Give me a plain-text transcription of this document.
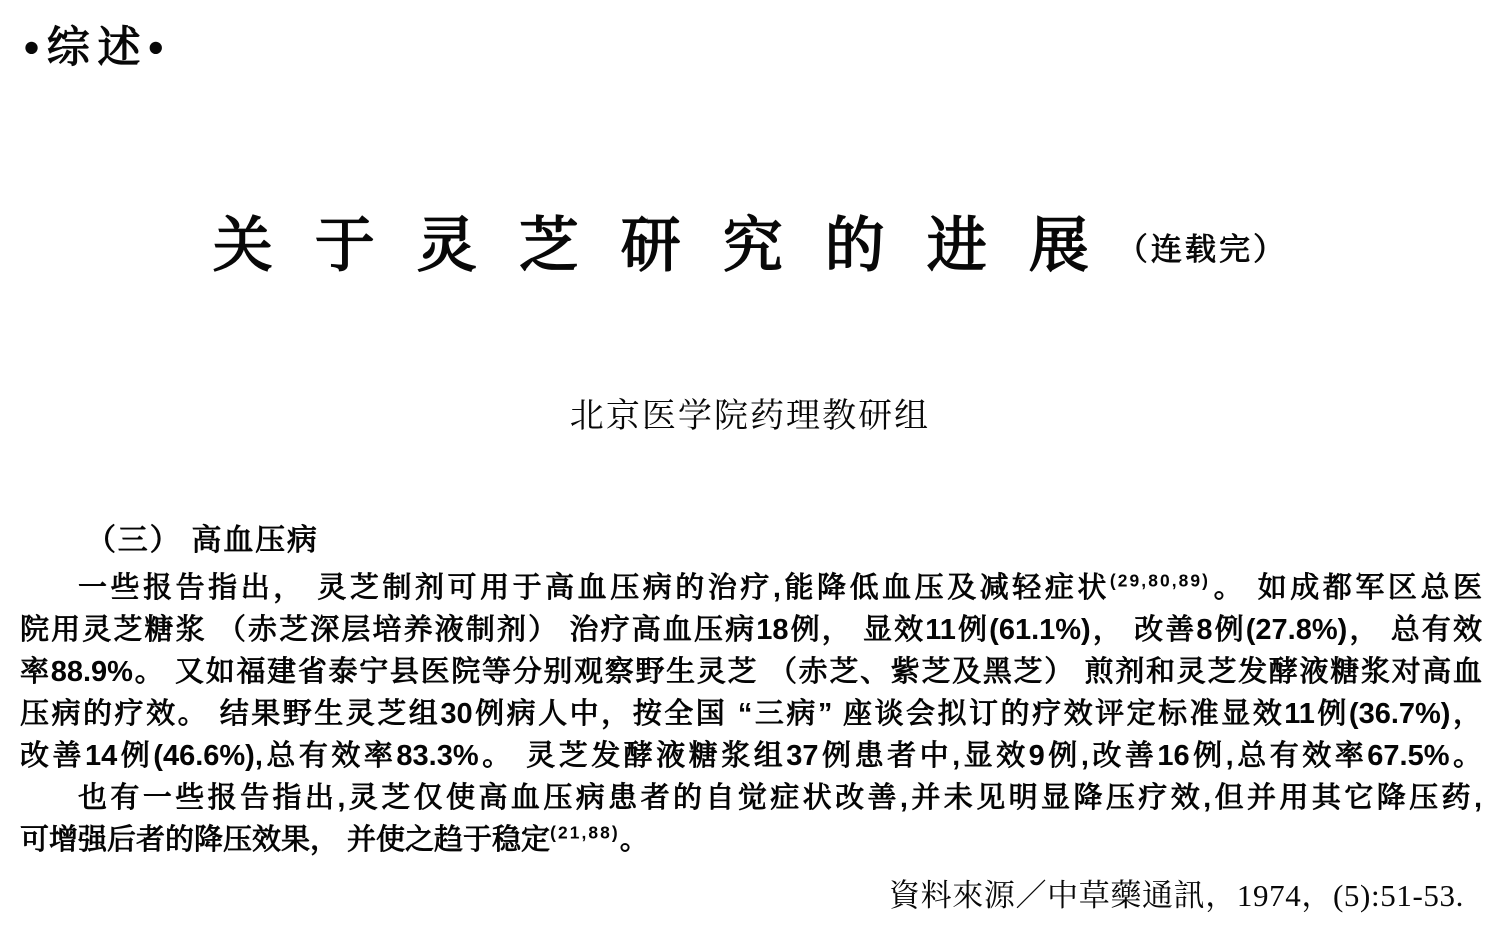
•综述•
关于灵芝研究的进展（连载完）
北京医学院药理教研组
（三） 高血压病
一些报告指出， 灵芝制剂可用于高血压病的治疗,能降低血压及减轻症状$^{(29,80,89)}$。 如成都军区总医
院用灵芝糖浆 （赤芝深层培养液制剂） 治疗高血压病18例， 显效11例(61.1%)， 改善8例(27.8%)， 总有效
率88.9%。 又如福建省泰宁县医院等分别观察野生灵芝 （赤芝、紫芝及黑芝） 煎剂和灵芝发酵液糖浆对高血
压病的疗效。 结果野生灵芝组30例病人中，按全国 “三病” 座谈会拟订的疗效评定标准显效11例(36.7%)，
改善14例(46.6%),总有效率83.3%。 灵芝发酵液糖浆组37例患者中,显效9例,改善16例,总有效率67.5%。
也有一些报告指出,灵芝仅使高血压病患者的自觉症状改善,并未见明显降压疗效,但并用其它降压药,
可增强后者的降压效果， 并使之趋于稳定$^{(21,88)}$。
資料來源／中草藥通訊，1974，(5):51-53.
